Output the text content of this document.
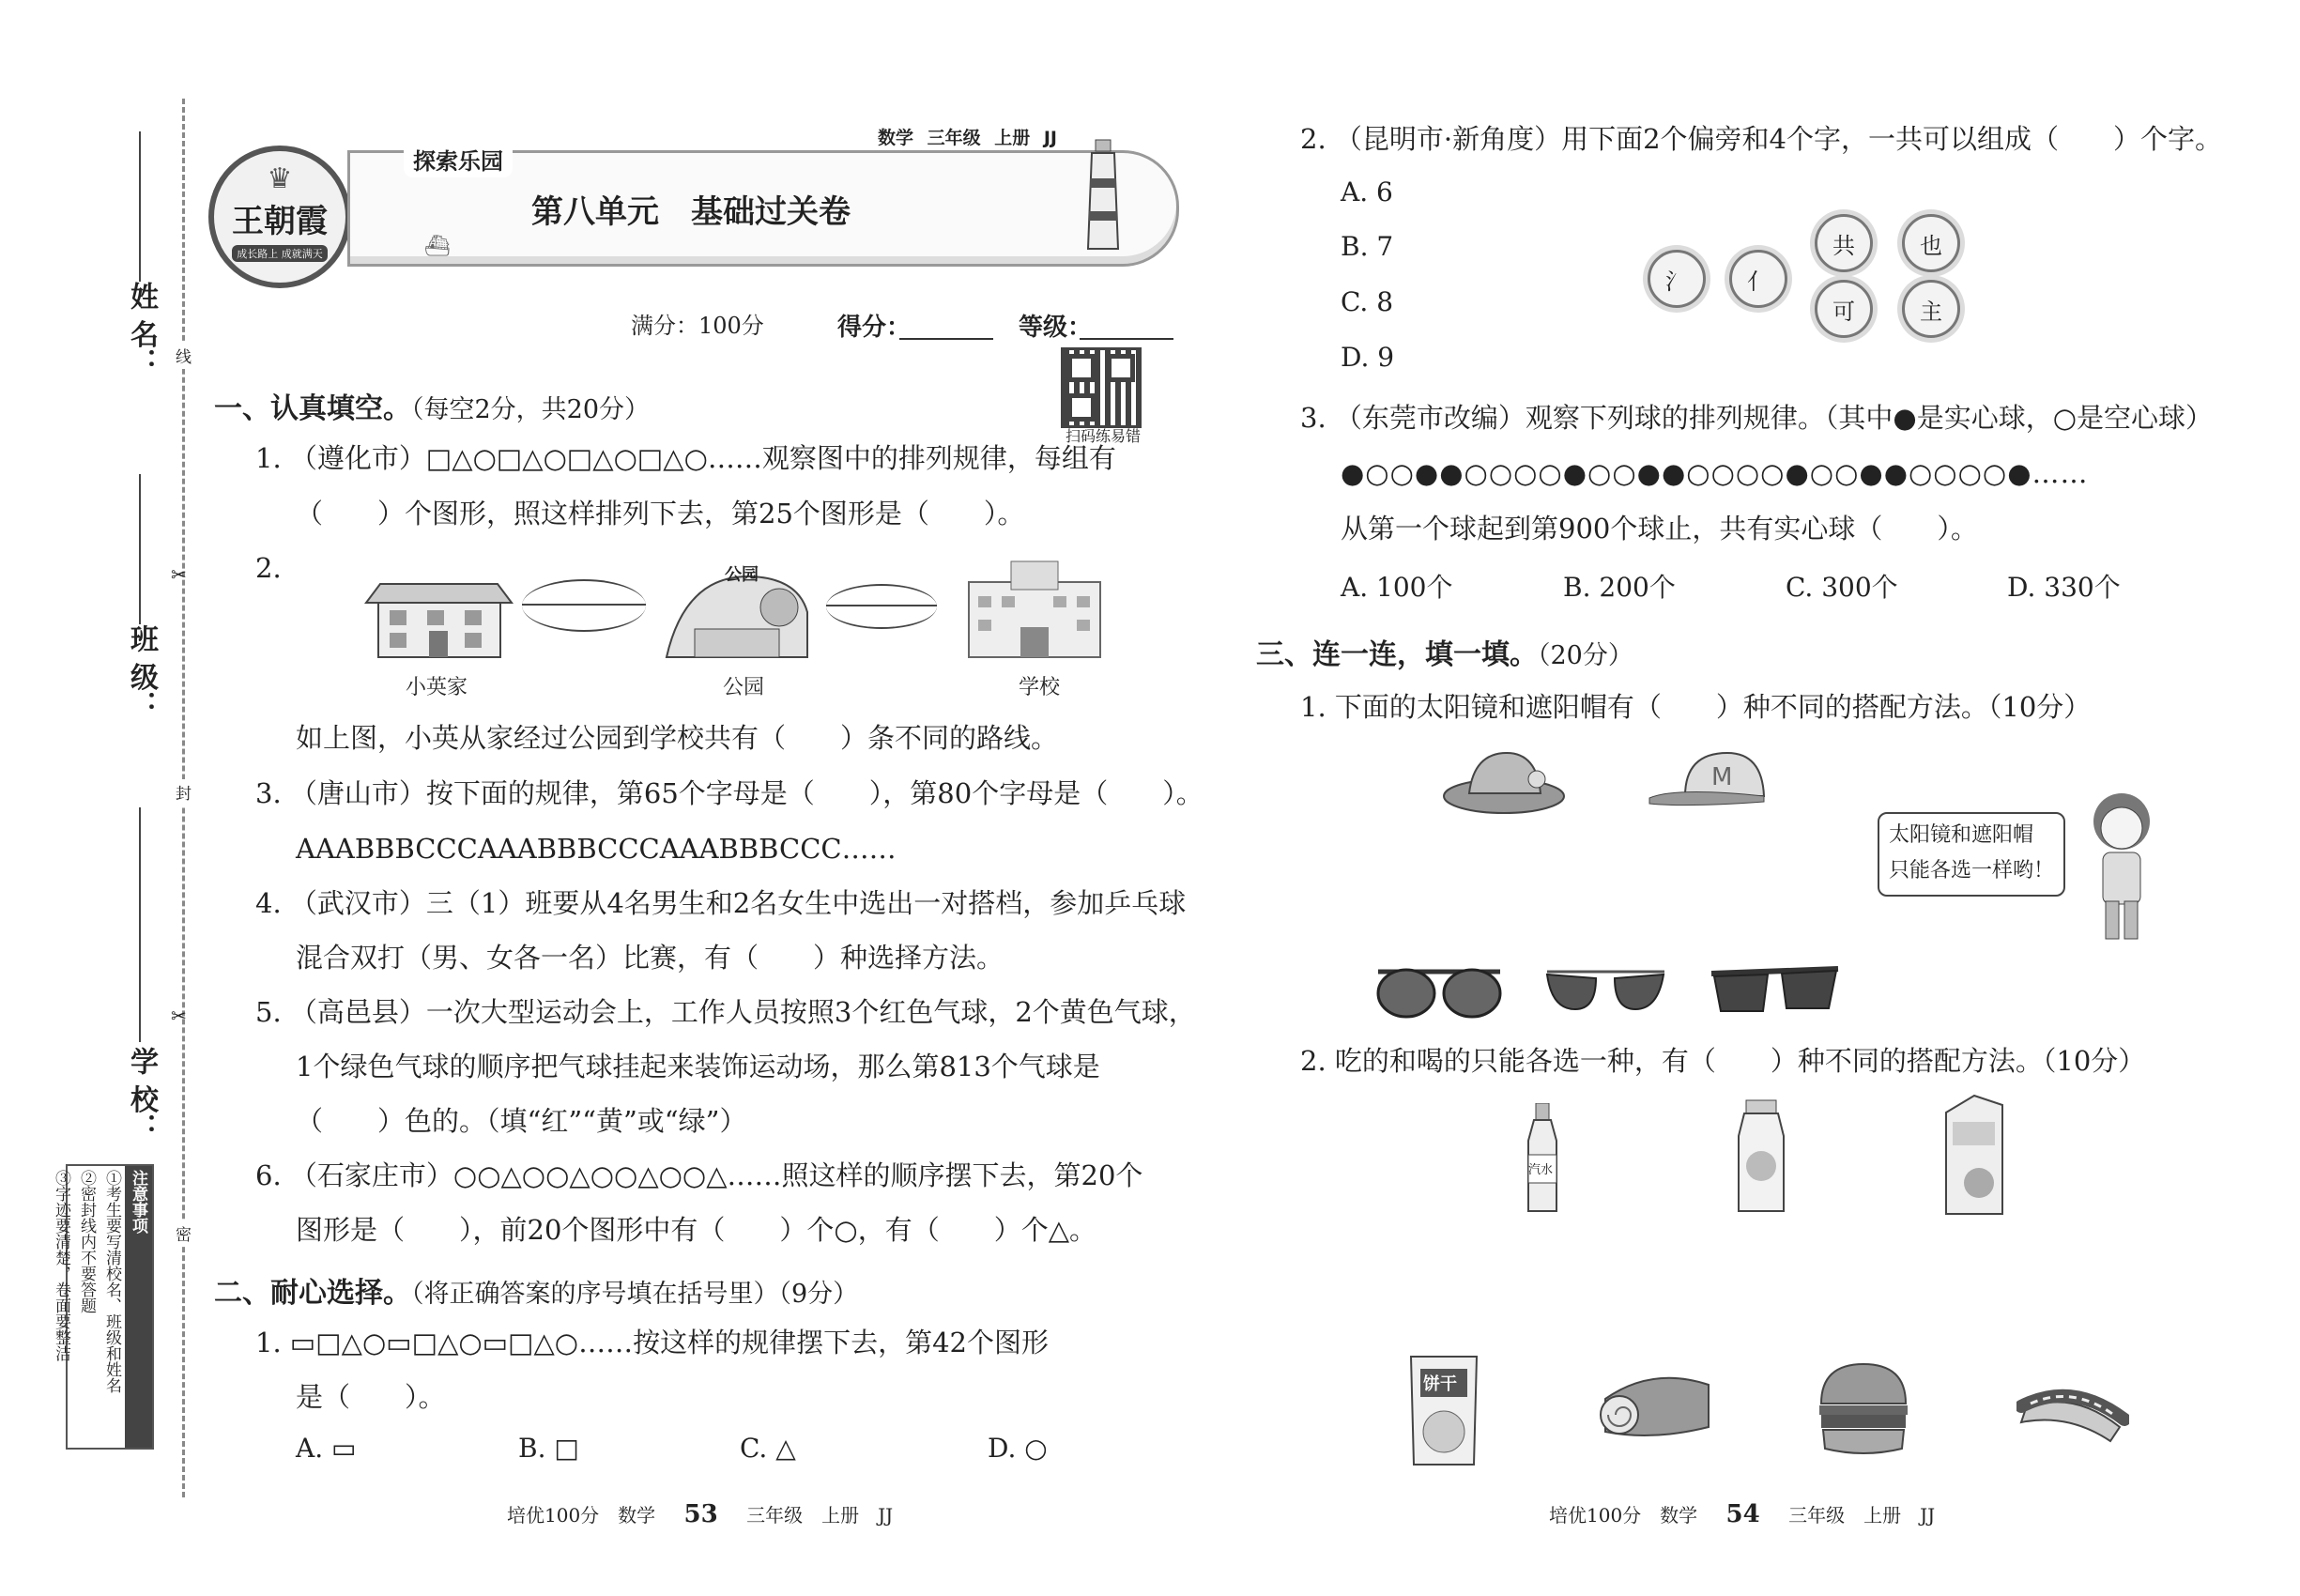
姓 名：
班 级：
学 校：
线
封
密
✂
✂
注意事项
①考生要写清校名、班级和姓名
②密封线内不要答题
③字迹要清楚，卷面要整洁
♛
王朝霞
成长路上 成就满天
探索乐园
数学 三年级 上册 JJ
第八单元　基础过关卷
⛴
满分：100分	得分：	等级：
扫码练易错
一、认真填空。（每空2分，共20分）
1. （遵化市）□△○□△○□△○□△○……观察图中的排列规律，每组有
（　　）个图形，照这样排列下去，第25个图形是（　　）。
2.	公园
小英家	公园	学校
如上图，小英从家经过公园到学校共有（　　）条不同的路线。
3. （唐山市）按下面的规律，第65个字母是（　　），第80个字母是（　　）。
AAABBBCCCAAABBBCCCAAABBBCCC……
4. （武汉市）三（1）班要从4名男生和2名女生中选出一对搭档，参加乒乓球
混合双打（男、女各一名）比赛，有（　　）种选择方法。
5. （高邑县）一次大型运动会上，工作人员按照3个红色气球，2个黄色气球，
1个绿色气球的顺序把气球挂起来装饰运动场，那么第813个气球是
（　　）色的。（填“红”“黄”或“绿”）
6. （石家庄市）○○△○○△○○△○○△……照这样的顺序摆下去，第20个
图形是（　　），前20个图形中有（　　）个○，有（　　）个△。
二、耐心选择。（将正确答案的序号填在括号里）（9分）
1. ▭□△○▭□△○▭□△○……按这样的规律摆下去，第42个图形
是（　　）。
A. ▭	B. □	C. △	D. ○
培优100分　数学 53 三年级　上册　JJ
2. （昆明市·新角度）用下面2个偏旁和4个字，一共可以组成（　　）个字。
A. 6
B. 7
C. 8
D. 9
氵	亻
共	也
可	主
3. （东莞市改编）观察下列球的排列规律。（其中●是实心球，○是空心球）
●○○●●○○○○●○○●●○○○○●○○●●○○○○●……
从第一个球起到第900个球止，共有实心球（　　）。
A. 100个	B. 200个	C. 300个	D. 330个
三、连一连，填一填。（20分）
1. 下面的太阳镜和遮阳帽有（　　）种不同的搭配方法。（10分）
M
太阳镜和遮阳帽
只能各选一样哟！
2. 吃的和喝的只能各选一种，有（　　）种不同的搭配方法。（10分）
汽水
饼干
培优100分　数学 54 三年级　上册　JJ
